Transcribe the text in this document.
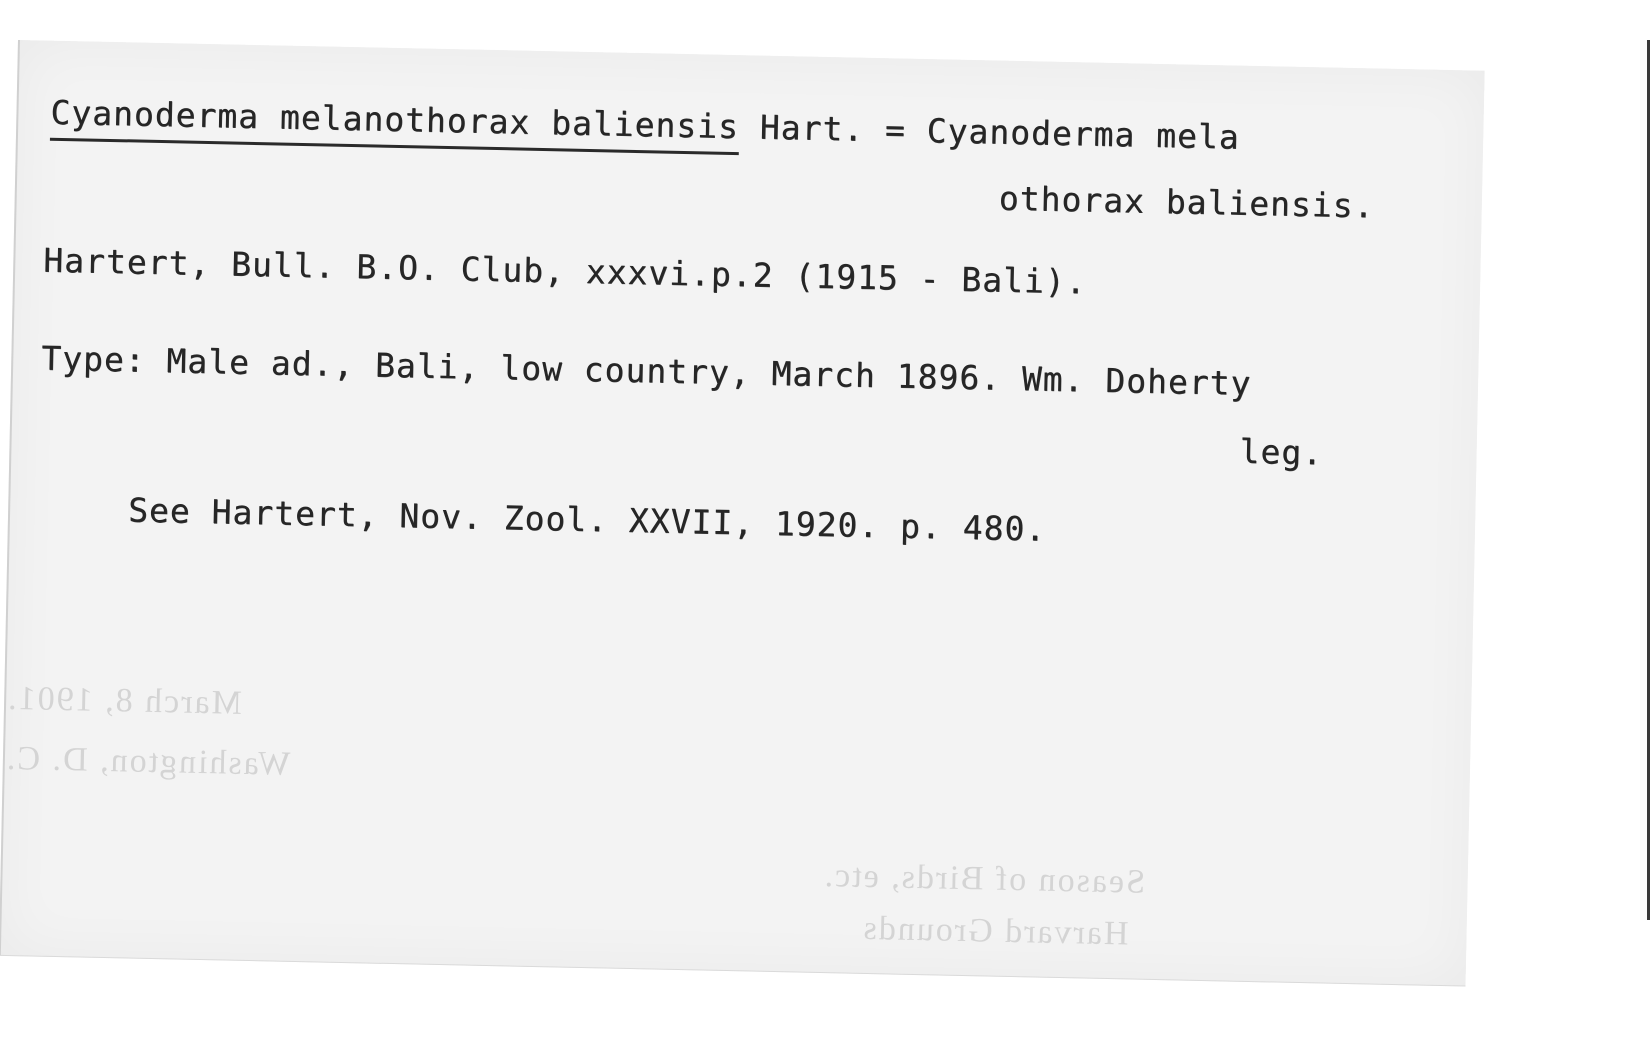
Cyanoderma melanothorax baliensis Hart. = Cyanoderma mela
othorax baliensis.
Hartert, Bull. B.O. Club, xxxvi.p.2 (1915 - Bali).
Type: Male ad., Bali, low country, March 1896. Wm. Doherty
leg.
See Hartert, Nov. Zool. XXVII, 1920. p. 480.
March 8, 1901.
Washington, D. C.
Season of Birds, etc.
Harvard Grounds
